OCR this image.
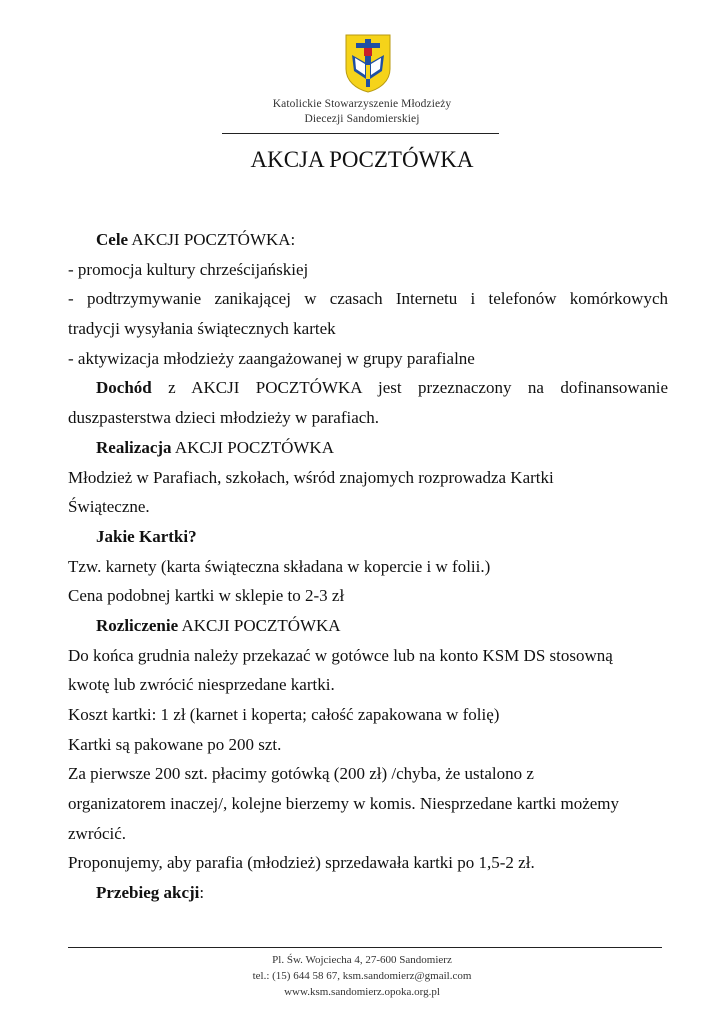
Katolickie Stowarzyszenie Młodzieży
Diecezji Sandomierskiej
AKCJA POCZTÓWKA
Cele AKCJI POCZTÓWKA:
- promocja kultury chrześcijańskiej
- podtrzymywanie zanikającej w czasach Internetu i telefonów komórkowych
tradycji wysyłania świątecznych kartek
- aktywizacja młodzieży zaangażowanej w grupy parafialne
Dochód z AKCJI POCZTÓWKA jest przeznaczony na dofinansowanie
duszpasterstwa dzieci młodzieży w parafiach.
Realizacja AKCJI POCZTÓWKA
Młodzież w Parafiach, szkołach, wśród znajomych rozprowadza Kartki
Świąteczne.
Jakie Kartki?
Tzw. karnety (karta świąteczna składana w kopercie i w folii.)
Cena podobnej kartki w sklepie to 2-3 zł
Rozliczenie AKCJI POCZTÓWKA
Do końca grudnia należy przekazać w gotówce lub na konto KSM DS stosowną
kwotę lub zwrócić niesprzedane kartki.
Koszt kartki: 1 zł (karnet i koperta; całość zapakowana w folię)
Kartki są pakowane po 200 szt.
Za pierwsze 200 szt. płacimy gotówką (200 zł) /chyba, że ustalono z
organizatorem inaczej/, kolejne bierzemy w komis. Niesprzedane kartki możemy
zwrócić.
Proponujemy, aby parafia (młodzież) sprzedawała kartki po 1,5-2 zł.
Przebieg akcji:
Pl. Św. Wojciecha 4, 27-600 Sandomierz
tel.: (15) 644 58 67, ksm.sandomierz@gmail.com
www.ksm.sandomierz.opoka.org.pl
